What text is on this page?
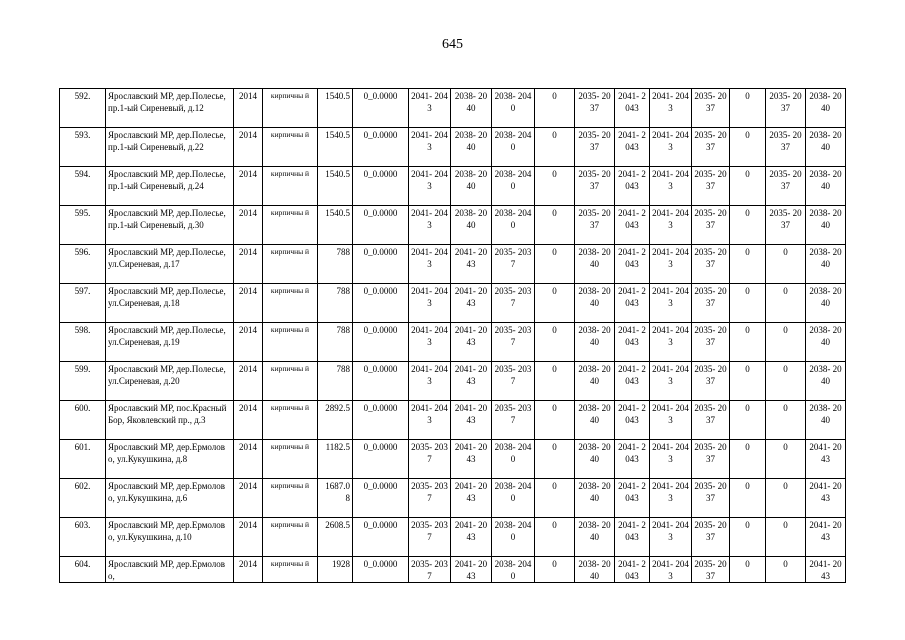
645
592.	Ярославский МР, дер.Полесье, пр.1-ый Сиреневый, д.12	2014	кирпичны й	1540.5	0_0.0000	2041- 2043	2038- 2040	2038- 2040	0	2035- 2037	2041- 2043	2041- 2043	2035- 2037	0	2035- 2037	2038- 2040
593.	Ярославский МР, дер.Полесье, пр.1-ый Сиреневый, д.22	2014	кирпичны й	1540.5	0_0.0000	2041- 2043	2038- 2040	2038- 2040	0	2035- 2037	2041- 2043	2041- 2043	2035- 2037	0	2035- 2037	2038- 2040
594.	Ярославский МР, дер.Полесье, пр.1-ый Сиреневый, д.24	2014	кирпичны й	1540.5	0_0.0000	2041- 2043	2038- 2040	2038- 2040	0	2035- 2037	2041- 2043	2041- 2043	2035- 2037	0	2035- 2037	2038- 2040
595.	Ярославский МР, дер.Полесье, пр.1-ый Сиреневый, д.30	2014	кирпичны й	1540.5	0_0.0000	2041- 2043	2038- 2040	2038- 2040	0	2035- 2037	2041- 2043	2041- 2043	2035- 2037	0	2035- 2037	2038- 2040
596.	Ярославский МР, дер.Полесье, ул.Сиреневая, д.17	2014	кирпичны й	788	0_0.0000	2041- 2043	2041- 2043	2035- 2037	0	2038- 2040	2041- 2043	2041- 2043	2035- 2037	0	0	2038- 2040
597.	Ярославский МР, дер.Полесье, ул.Сиреневая, д.18	2014	кирпичны й	788	0_0.0000	2041- 2043	2041- 2043	2035- 2037	0	2038- 2040	2041- 2043	2041- 2043	2035- 2037	0	0	2038- 2040
598.	Ярославский МР, дер.Полесье, ул.Сиреневая, д.19	2014	кирпичны й	788	0_0.0000	2041- 2043	2041- 2043	2035- 2037	0	2038- 2040	2041- 2043	2041- 2043	2035- 2037	0	0	2038- 2040
599.	Ярославский МР, дер.Полесье, ул.Сиреневая, д.20	2014	кирпичны й	788	0_0.0000	2041- 2043	2041- 2043	2035- 2037	0	2038- 2040	2041- 2043	2041- 2043	2035- 2037	0	0	2038- 2040
600.	Ярославский МР, пос.Красный Бор, Яковлевский пр., д.3	2014	кирпичны й	2892.5	0_0.0000	2041- 2043	2041- 2043	2035- 2037	0	2038- 2040	2041- 2043	2041- 2043	2035- 2037	0	0	2038- 2040
601.	Ярославский МР, дер.Ермолово, ул.Кукушкина, д.8	2014	кирпичны й	1182.5	0_0.0000	2035- 2037	2041- 2043	2038- 2040	0	2038- 2040	2041- 2043	2041- 2043	2035- 2037	0	0	2041- 2043
602.	Ярославский МР, дер.Ермолово, ул.Кукушкина, д.6	2014	кирпичны й	1687.0 8	0_0.0000	2035- 2037	2041- 2043	2038- 2040	0	2038- 2040	2041- 2043	2041- 2043	2035- 2037	0	0	2041- 2043
603.	Ярославский МР, дер.Ермолово, ул.Кукушкина, д.10	2014	кирпичны й	2608.5	0_0.0000	2035- 2037	2041- 2043	2038- 2040	0	2038- 2040	2041- 2043	2041- 2043	2035- 2037	0	0	2041- 2043
604.	Ярославский МР, дер.Ермолово,	2014	кирпичны й	1928	0_0.0000	2035- 2037	2041- 2043	2038- 2040	0	2038- 2040	2041- 2043	2041- 2043	2035- 2037	0	0	2041- 2043
